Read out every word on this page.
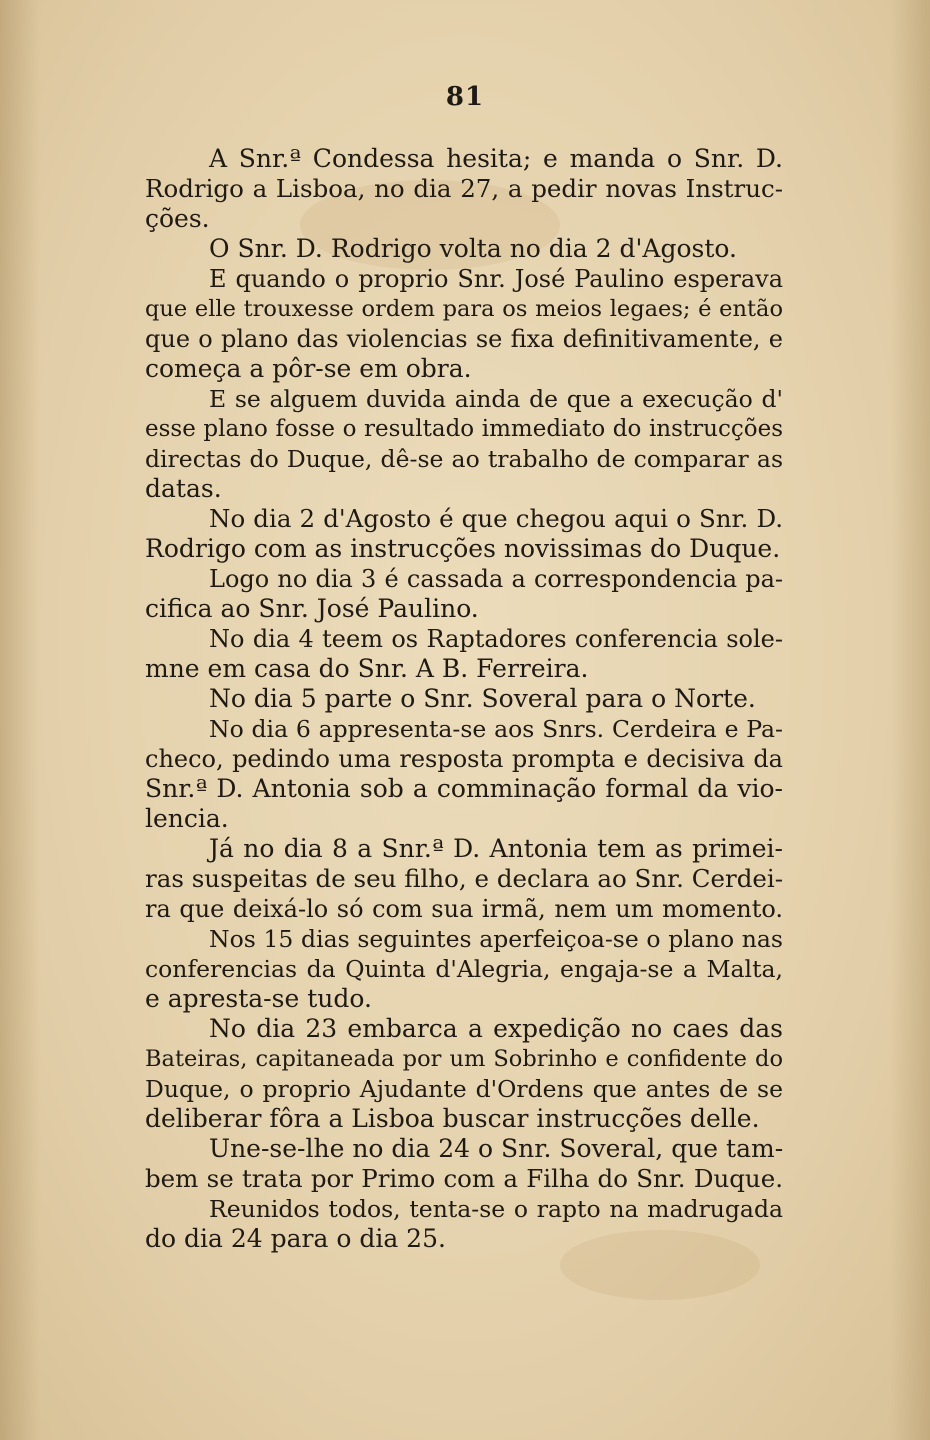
81
A Snr.ª Condessa hesita; e manda o Snr. D.
Rodrigo a Lisboa, no dia 27, a pedir novas Instruc-
ções.
O Snr. D. Rodrigo volta no dia 2 d'Agosto.
E quando o proprio Snr. José Paulino esperava
que elle trouxesse ordem para os meios legaes; é então
que o plano das violencias se fixa definitivamente, e
começa a pôr-se em obra.
E se alguem duvida ainda de que a execução d'
esse plano fosse o resultado immediato do instrucções
directas do Duque, dê-se ao trabalho de comparar as
datas.
No dia 2 d'Agosto é que chegou aqui o Snr. D.
Rodrigo com as instrucções novissimas do Duque.
Logo no dia 3 é cassada a correspondencia pa-
cifica ao Snr. José Paulino.
No dia 4 teem os Raptadores conferencia sole-
mne em casa do Snr. A B. Ferreira.
No dia 5 parte o Snr. Soveral para o Norte.
No dia 6 appresenta-se aos Snrs. Cerdeira e Pa-
checo, pedindo uma resposta prompta e decisiva da
Snr.ª D. Antonia sob a comminação formal da vio-
lencia.
Já no dia 8 a Snr.ª D. Antonia tem as primei-
ras suspeitas de seu filho, e declara ao Snr. Cerdei-
ra que deixá-lo só com sua irmã, nem um momento.
Nos 15 dias seguintes aperfeiçoa-se o plano nas
conferencias da Quinta d'Alegria, engaja-se a Malta,
e apresta-se tudo.
No dia 23 embarca a expedição no caes das
Bateiras, capitaneada por um Sobrinho e confidente do
Duque, o proprio Ajudante d'Ordens que antes de se
deliberar fôra a Lisboa buscar instrucções delle.
Une-se-lhe no dia 24 o Snr. Soveral, que tam-
bem se trata por Primo com a Filha do Snr. Duque.
Reunidos todos, tenta-se o rapto na madrugada
do dia 24 para o dia 25.
